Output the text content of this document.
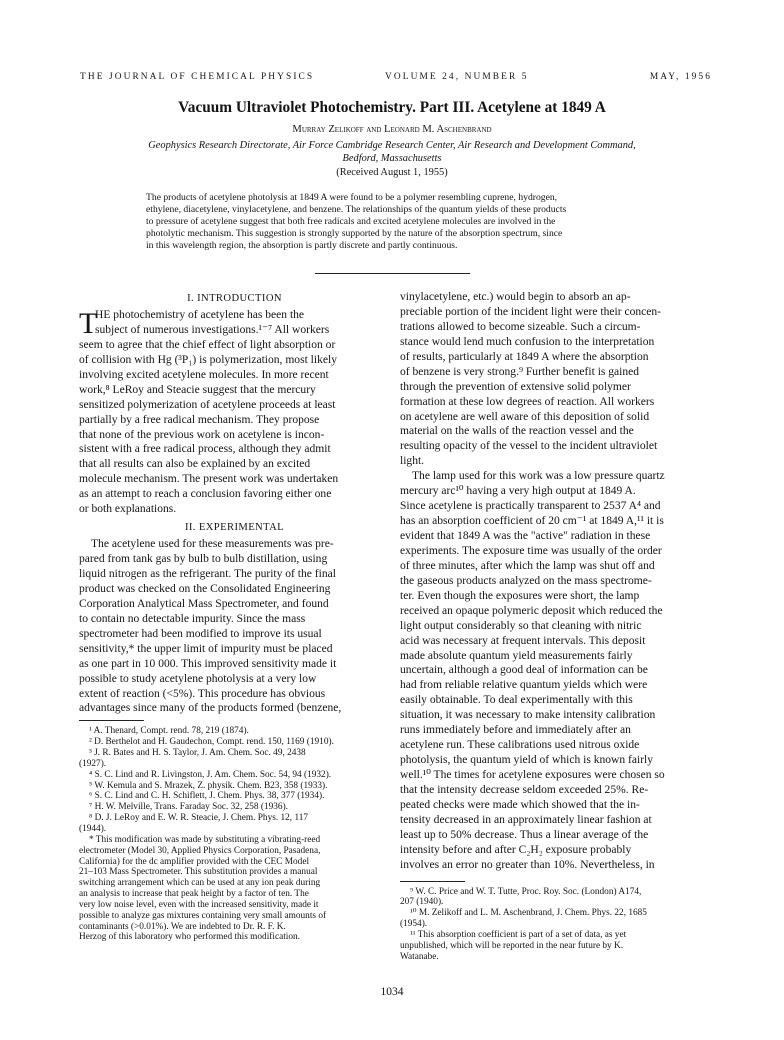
THE JOURNAL OF CHEMICAL PHYSICS	VOLUME 24, NUMBER 5	MAY, 1956
Vacuum Ultraviolet Photochemistry. Part III. Acetylene at 1849 A
Murray Zelikoff and Leonard M. Aschenbrand
Geophysics Research Directorate, Air Force Cambridge Research Center, Air Research and Development Command,
Bedford, Massachusetts
(Received August 1, 1955)
The products of acetylene photolysis at 1849 A were found to be a polymer resembling cuprene, hydrogen,
ethylene, diacetylene, vinylacetylene, and benzene. The relationships of the quantum yields of these products
to pressure of acetylene suggest that both free radicals and excited acetylene molecules are involved in the
photolytic mechanism. This suggestion is strongly supported by the nature of the absorption spectrum, since
in this wavelength region, the absorption is partly discrete and partly continuous.
I. INTRODUCTION
T
HE photochemistry of acetylene has been the
subject of numerous investigations.¹⁻⁷ All workers
seem to agree that the chief effect of light absorption or
of collision with Hg (³P₁) is polymerization, most likely
involving excited acetylene molecules. In more recent
work,⁸ LeRoy and Steacie suggest that the mercury
sensitized polymerization of acetylene proceeds at least
partially by a free radical mechanism. They propose
that none of the previous work on acetylene is incon-
sistent with a free radical process, although they admit
that all results can also be explained by an excited
molecule mechanism. The present work was undertaken
as an attempt to reach a conclusion favoring either one
or both explanations.
II. EXPERIMENTAL
The acetylene used for these measurements was pre-
pared from tank gas by bulb to bulb distillation, using
liquid nitrogen as the refrigerant. The purity of the final
product was checked on the Consolidated Engineering
Corporation Analytical Mass Spectrometer, and found
to contain no detectable impurity. Since the mass
spectrometer had been modified to improve its usual
sensitivity,* the upper limit of impurity must be placed
as one part in 10 000. This improved sensitivity made it
possible to study acetylene photolysis at a very low
extent of reaction (<5%). This procedure has obvious
advantages since many of the products formed (benzene,
¹ A. Thenard, Compt. rend. 78, 219 (1874).
² D. Berthelot and H. Gaudechon, Compt. rend. 150, 1169 (1910).
³ J. R. Bates and H. S. Taylor, J. Am. Chem. Soc. 49, 2438
(1927).
⁴ S. C. Lind and R. Livingston, J. Am. Chem. Soc. 54, 94 (1932).
⁵ W. Kemula and S. Mrazek, Z. physik. Chem. B23, 358 (1933).
⁶ S. C. Lind and C. H. Schiflett, J. Chem. Phys. 38, 377 (1934).
⁷ H. W. Melville, Trans. Faraday Soc. 32, 258 (1936).
⁸ D. J. LeRoy and E. W. R. Steacie, J. Chem. Phys. 12, 117
(1944).
* This modification was made by substituting a vibrating-reed
electrometer (Model 30, Applied Physics Corporation, Pasadena,
California) for the dc amplifier provided with the CEC Model
21–103 Mass Spectrometer. This substitution provides a manual
switching arrangement which can be used at any ion peak during
an analysis to increase that peak height by a factor of ten. The
very low noise level, even with the increased sensitivity, made it
possible to analyze gas mixtures containing very small amounts of
contaminants (>0.01%). We are indebted to Dr. R. F. K.
Herzog of this laboratory who performed this modification.
vinylacetylene, etc.) would begin to absorb an ap-
preciable portion of the incident light were their concen-
trations allowed to become sizeable. Such a circum-
stance would lend much confusion to the interpretation
of results, particularly at 1849 A where the absorption
of benzene is very strong.⁹ Further benefit is gained
through the prevention of extensive solid polymer
formation at these low degrees of reaction. All workers
on acetylene are well aware of this deposition of solid
material on the walls of the reaction vessel and the
resulting opacity of the vessel to the incident ultraviolet
light.
The lamp used for this work was a low pressure quartz
mercury arc¹⁰ having a very high output at 1849 A.
Since acetylene is practically transparent to 2537 A⁴ and
has an absorption coefficient of 20 cm⁻¹ at 1849 A,¹¹ it is
evident that 1849 A was the "active" radiation in these
experiments. The exposure time was usually of the order
of three minutes, after which the lamp was shut off and
the gaseous products analyzed on the mass spectrome-
ter. Even though the exposures were short, the lamp
received an opaque polymeric deposit which reduced the
light output considerably so that cleaning with nitric
acid was necessary at frequent intervals. This deposit
made absolute quantum yield measurements fairly
uncertain, although a good deal of information can be
had from reliable relative quantum yields which were
easily obtainable. To deal experimentally with this
situation, it was necessary to make intensity calibration
runs immediately before and immediately after an
acetylene run. These calibrations used nitrous oxide
photolysis, the quantum yield of which is known fairly
well.¹⁰ The times for acetylene exposures were chosen so
that the intensity decrease seldom exceeded 25%. Re-
peated checks were made which showed that the in-
tensity decreased in an approximately linear fashion at
least up to 50% decrease. Thus a linear average of the
intensity before and after C₂H₂ exposure probably
involves an error no greater than 10%. Nevertheless, in
⁹ W. C. Price and W. T. Tutte, Proc. Roy. Soc. (London) A174,
207 (1940).
¹⁰ M. Zelikoff and L. M. Aschenbrand, J. Chem. Phys. 22, 1685
(1954).
¹¹ This absorption coefficient is part of a set of data, as yet
unpublished, which will be reported in the near future by K.
Watanabe.
1034
